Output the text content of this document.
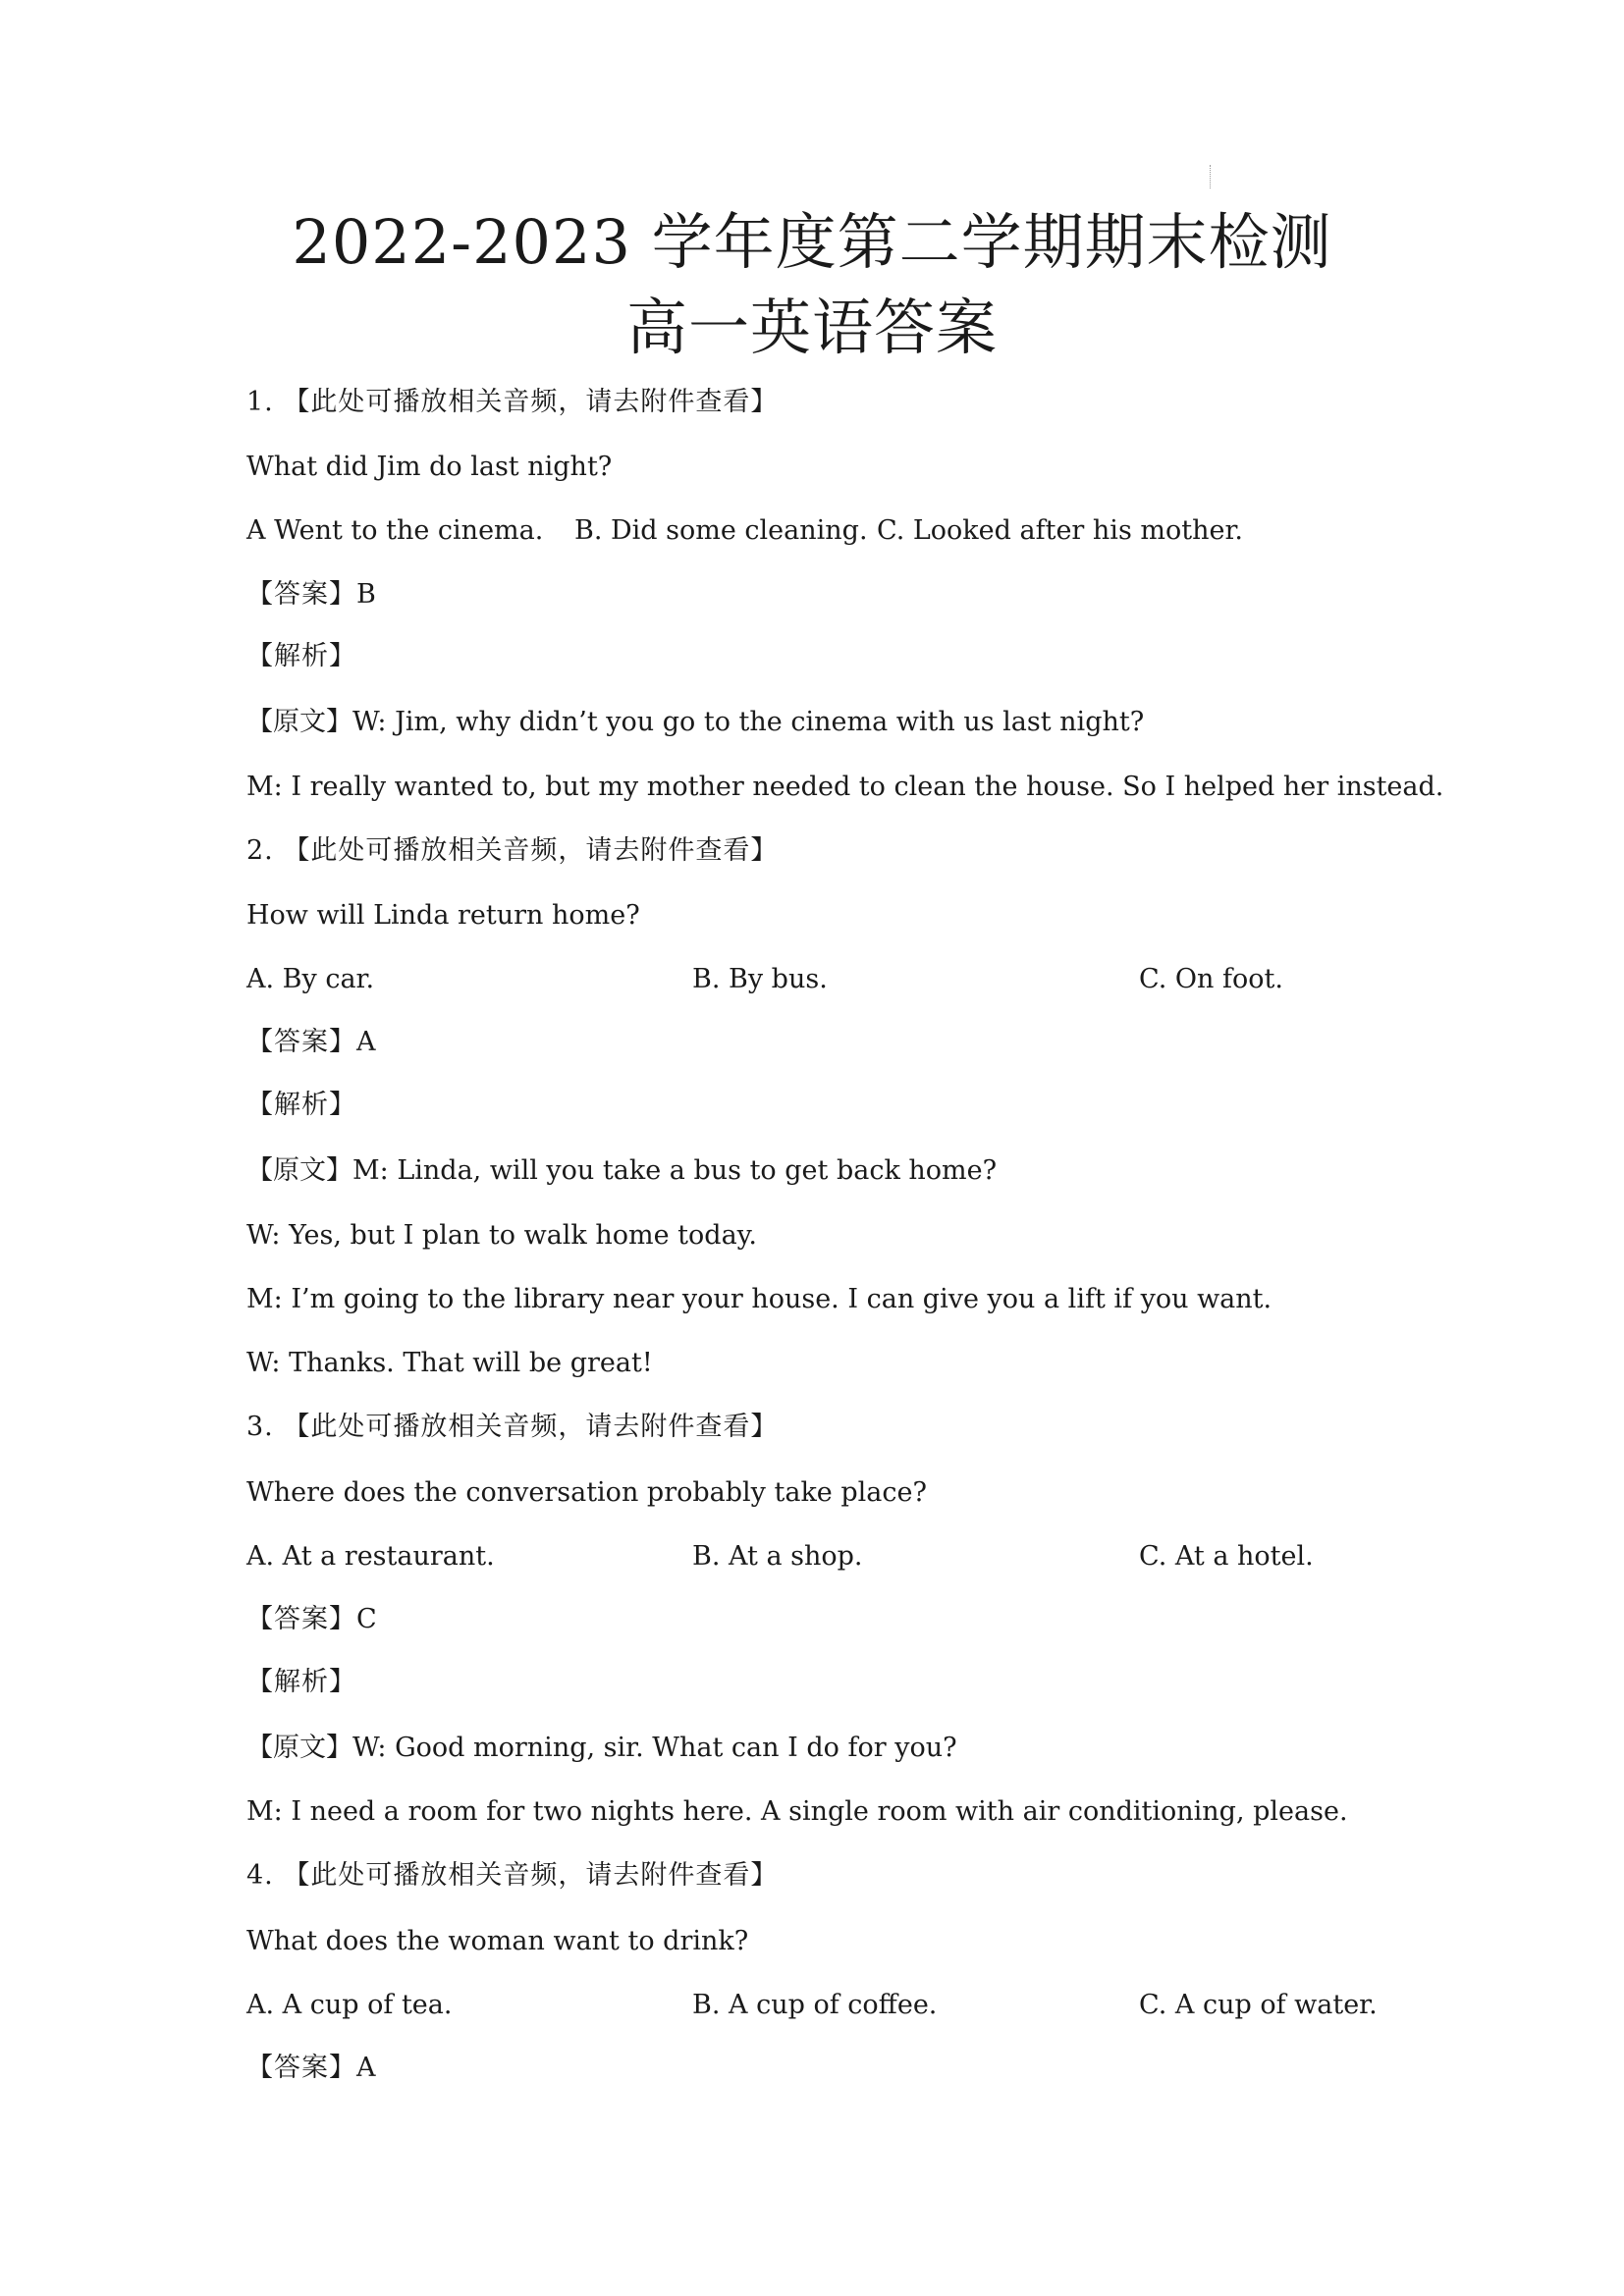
2022-2023 学年度第二学期期末检测
高一英语答案
1. 【此处可播放相关音频，请去附件查看】
What did Jim do last night?
A Went to the cinema. B. Did some cleaning. C. Looked after his mother.
【答案】B
【解析】
【原文】W: Jim, why didn’t you go to the cinema with us last night?
M: I really wanted to, but my mother needed to clean the house. So I helped her instead.
2. 【此处可播放相关音频，请去附件查看】
How will Linda return home?
A. By car.	B. By bus.	C. On foot.
【答案】A
【解析】
【原文】M: Linda, will you take a bus to get back home?
W: Yes, but I plan to walk home today.
M: I’m going to the library near your house. I can give you a lift if you want.
W: Thanks. That will be great!
3. 【此处可播放相关音频，请去附件查看】
Where does the conversation probably take place?
A. At a restaurant.	B. At a shop.	C. At a hotel.
【答案】C
【解析】
【原文】W: Good morning, sir. What can I do for you?
M: I need a room for two nights here. A single room with air conditioning, please.
4. 【此处可播放相关音频，请去附件查看】
What does the woman want to drink?
A. A cup of tea.	B. A cup of coffee.	C. A cup of water.
【答案】A
